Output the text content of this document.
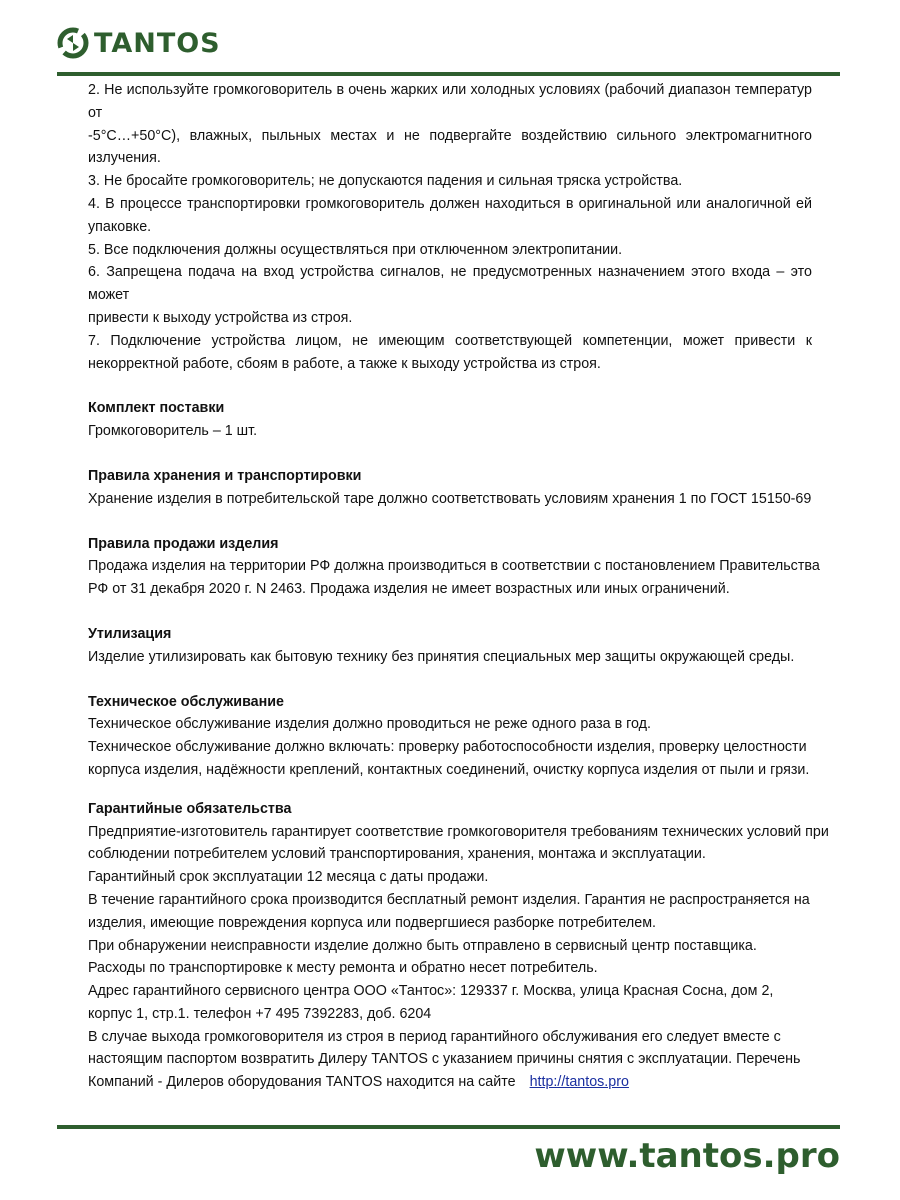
TANTOS
2. Не используйте громкоговоритель в очень жарких или холодных условиях (рабочий диапазон температур от
-5°С…+50°С), влажных, пыльных местах и не подвергайте воздействию сильного электромагнитного
излучения.
3. Не бросайте громкоговоритель; не допускаются падения и сильная тряска устройства.
4. В процессе транспортировки громкоговоритель должен находиться в оригинальной или аналогичной ей
упаковке.
5. Все подключения должны осуществляться при отключенном электропитании.
6. Запрещена подача на вход устройства сигналов, не предусмотренных назначением этого входа – это может
привести к выходу устройства из строя.
7. Подключение устройства лицом, не имеющим соответствующей компетенции, может привести к
некорректной работе, сбоям в работе, а также к выходу устройства из строя.
Комплект поставки
Громкоговоритель – 1 шт.
Правила хранения и транспортировки
Хранение изделия в потребительской таре должно соответствовать условиям хранения 1 по ГОСТ 15150-69
Правила продажи изделия
Продажа изделия на территории РФ должна производиться в соответствии с постановлением Правительства
РФ от 31 декабря 2020 г. N 2463. Продажа изделия не имеет возрастных или иных ограничений.
Утилизация
Изделие утилизировать как бытовую технику без принятия специальных мер защиты окружающей среды.
Техническое обслуживание
Техническое обслуживание изделия должно проводиться не реже одного раза в год.
Техническое обслуживание должно включать: проверку работоспособности изделия, проверку целостности
корпуса изделия, надёжности креплений, контактных соединений, очистку корпуса изделия от пыли и грязи.
Гарантийные обязательства
Предприятие-изготовитель гарантирует соответствие громкоговорителя требованиям технических условий при
соблюдении потребителем условий транспортирования, хранения, монтажа и эксплуатации.
Гарантийный срок эксплуатации 12 месяца с даты продажи.
В течение гарантийного срока производится бесплатный ремонт изделия. Гарантия не распространяется на
изделия, имеющие повреждения корпуса или подвергшиеся разборке потребителем.
При обнаружении неисправности изделие должно быть отправлено в сервисный центр поставщика.
Расходы по транспортировке к месту ремонта и обратно несет потребитель.
Адрес гарантийного сервисного центра ООО «Тантос»: 129337 г. Москва, улица Красная Сосна, дом 2,
корпус 1, стр.1. телефон +7 495 7392283, доб. 6204
В случае выхода громкоговорителя из строя в период гарантийного обслуживания его следует вместе с
настоящим паспортом возвратить Дилеру TANTOS с указанием причины снятия с эксплуатации. Перечень
Компаний - Дилеров оборудования TANTOS находится на сайте http://tantos.pro
www.tantos.pro
